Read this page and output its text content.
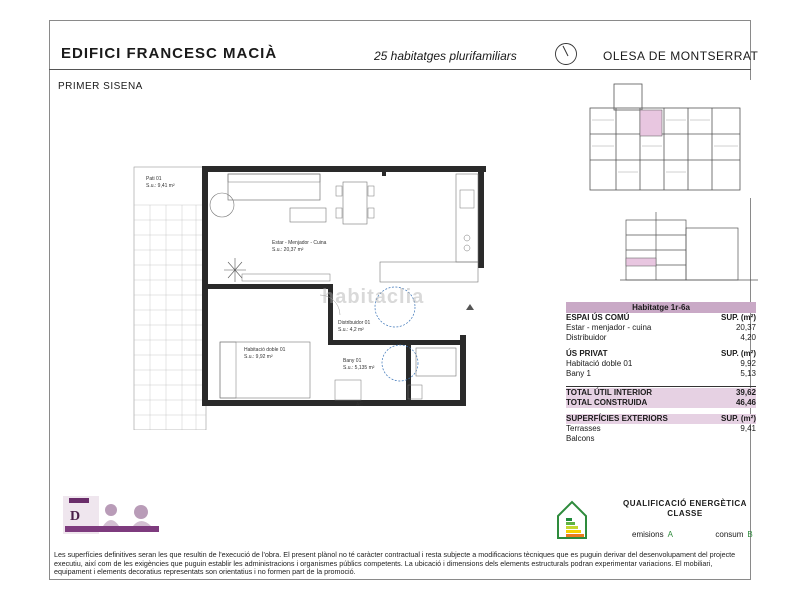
EDIFICI FRANCESC MACIÀ	25 habitatges plurifamiliars	OLESA DE MONTSERRAT
PRIMER SISENA
Pati 01
S.u.: 9,41 m²
Estar - Menjador - Cuina
S.u.: 20,37 m²
Distribuidor 01
S.u.: 4,2 m²
Habitació doble 01
S.u.: 9,92 m²
Bany 01
S.u.: 5,135 m²
AC
habitaclia	Habitatge 1r-6a
ESPAI ÚS COMÚ	SUP. (m²)
Estar - menjador - cuina	20,37
Distribuidor	4,20
ÚS PRIVAT	SUP. (m²)
Habitació doble 01	9,92
Bany 1	5,13
TOTAL ÚTIL INTERIOR	39,62
TOTAL CONSTRUIDA	46,46
SUPERFÍCIES EXTERIORS	SUP. (m²)
Terrasses	9,41
Balcons
D
QUALIFICACIÓ ENERGÈTICA CLASSE
emisions A	consum B
Les superfícies definitives seran les que resultin de l'execució de l'obra. El present plànol no té caràcter contractual i resta subjecte a modificacions tècniques que es puguin derivar del desenvolupament del projecte executiu, així com de les exigències que puguin establir les administracions i organismes públics competents. La ubicació i dimensions dels elements estructurals podran experimentar variacions. El mobiliari, equipament i elements decoratius representats son orientatius i no formen part de la promoció.
